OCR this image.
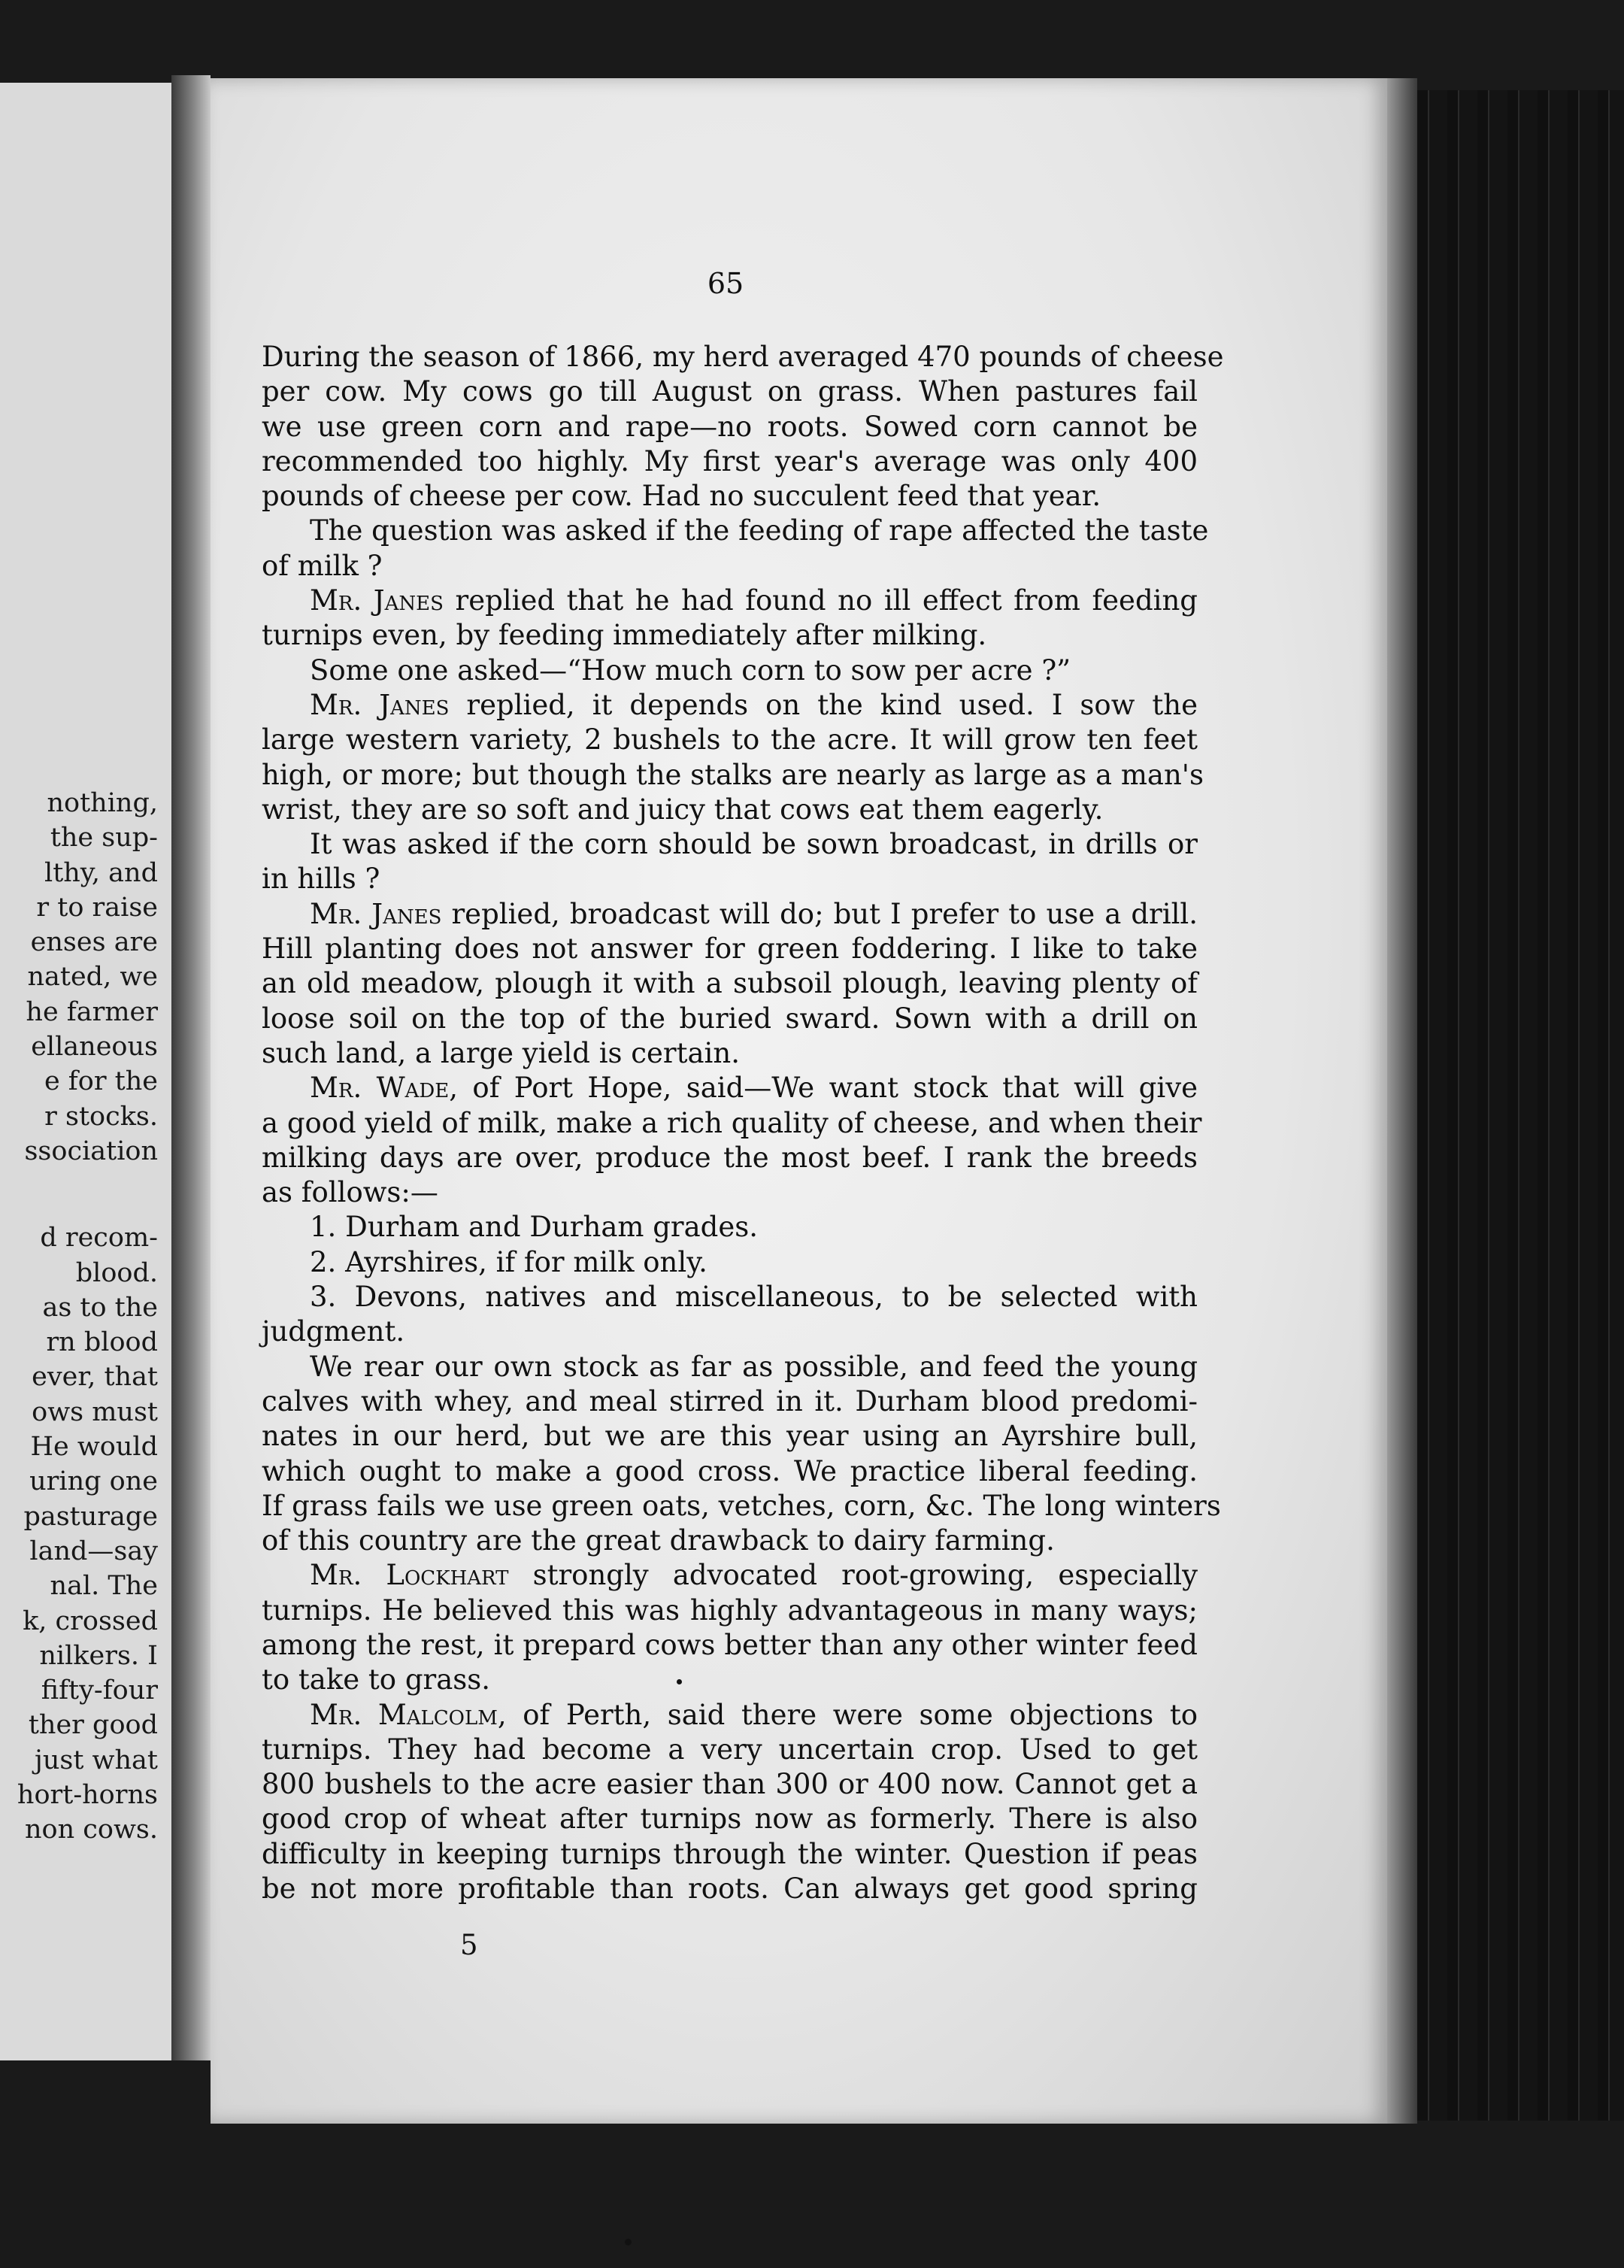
nothing,
the sup-
lthy, and
r to raise
enses are
nated, we
he farmer
ellaneous
e for the
r stocks.
ssociation
d recom-
blood.
as to the
rn blood
ever, that
ows must
He would
uring one
pasturage
land—say
nal. The
k, crossed
nilkers. I
fifty-four
ther good
just what
hort-horns
non cows.
65
During the season of 1866, my herd averaged 470 pounds of cheese
per cow. My cows go till August on grass. When pastures fail
we use green corn and rape—no roots. Sowed corn cannot be
recommended too highly. My first year's average was only 400
pounds of cheese per cow. Had no succulent feed that year.
The question was asked if the feeding of rape affected the taste
of milk ?
Mr. Janes replied that he had found no ill effect from feeding
turnips even, by feeding immediately after milking.
Some one asked—“How much corn to sow per acre ?”
Mr. Janes replied, it depends on the kind used. I sow the
large western variety, 2 bushels to the acre. It will grow ten feet
high, or more; but though the stalks are nearly as large as a man's
wrist, they are so soft and juicy that cows eat them eagerly.
It was asked if the corn should be sown broadcast, in drills or
in hills ?
Mr. Janes replied, broadcast will do; but I prefer to use a drill.
Hill planting does not answer for green foddering. I like to take
an old meadow, plough it with a subsoil plough, leaving plenty of
loose soil on the top of the buried sward. Sown with a drill on
such land, a large yield is certain.
Mr. Wade, of Port Hope, said—We want stock that will give
a good yield of milk, make a rich quality of cheese, and when their
milking days are over, produce the most beef. I rank the breeds
as follows:—
1. Durham and Durham grades.
2. Ayrshires, if for milk only.
3. Devons, natives and miscellaneous, to be selected with
judgment.
We rear our own stock as far as possible, and feed the young
calves with whey, and meal stirred in it. Durham blood predomi-
nates in our herd, but we are this year using an Ayrshire bull,
which ought to make a good cross. We practice liberal feeding.
If grass fails we use green oats, vetches, corn, &c. The long winters
of this country are the great drawback to dairy farming.
Mr. Lockhart strongly advocated root-growing, especially
turnips. He believed this was highly advantageous in many ways;
among the rest, it prepard cows better than any other winter feed
to take to grass.
Mr. Malcolm, of Perth, said there were some objections to
turnips. They had become a very uncertain crop. Used to get
800 bushels to the acre easier than 300 or 400 now. Cannot get a
good crop of wheat after turnips now as formerly. There is also
difficulty in keeping turnips through the winter. Question if peas
be not more profitable than roots. Can always get good spring
5
